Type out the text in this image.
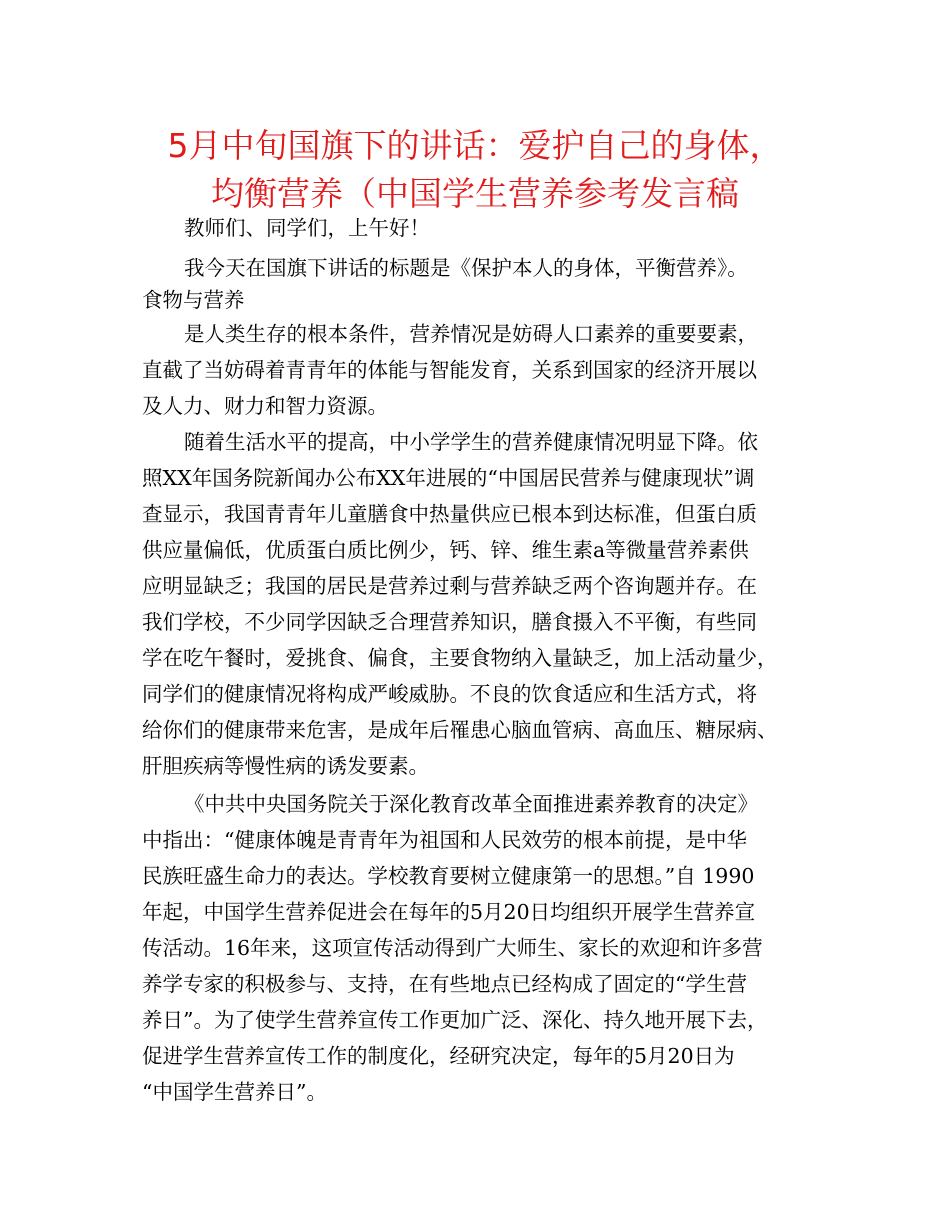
5月中旬国旗下的讲话：爱护自己的身体，
均衡营养（中国学生营养参考发言稿

教师们、同学们，上午好！

我今天在国旗下讲话的标题是《保护本人的身体，平衡营养》。

食物与营养

是人类生存的根本条件，营养情况是妨碍人口素养的重要要素，

直截了当妨碍着青青年的体能与智能发育，关系到国家的经济开展以

及人力、财力和智力资源。

随着生活水平的提高，中小学学生的营养健康情况明显下降。依

照XX年国务院新闻办公布XX年进展的“中国居民营养与健康现状”调

查显示，我国青青年儿童膳食中热量供应已根本到达标准，但蛋白质

供应量偏低，优质蛋白质比例少，钙、锌、维生素a等微量营养素供

应明显缺乏；我国的居民是营养过剩与营养缺乏两个咨询题并存。在

我们学校，不少同学因缺乏合理营养知识，膳食摄入不平衡，有些同

学在吃午餐时，爱挑食、偏食，主要食物纳入量缺乏，加上活动量少，

同学们的健康情况将构成严峻威胁。不良的饮食适应和生活方式，将

给你们的健康带来危害，是成年后罹患心脑血管病、高血压、糖尿病、

肝胆疾病等慢性病的诱发要素。

《中共中央国务院关于深化教育改革全面推进素养教育的决定》

中指出：“健康体魄是青青年为祖国和人民效劳的根本前提，是中华

民族旺盛生命力的表达。学校教育要树立健康第一的思想。”自 1990

年起，中国学生营养促进会在每年的5月20日均组织开展学生营养宣

传活动。16年来，这项宣传活动得到广大师生、家长的欢迎和许多营

养学专家的积极参与、支持，在有些地点已经构成了固定的“学生营

养日”。为了使学生营养宣传工作更加广泛、深化、持久地开展下去，

促进学生营养宣传工作的制度化，经研究决定，每年的5月20日为

“中国学生营养日”。
